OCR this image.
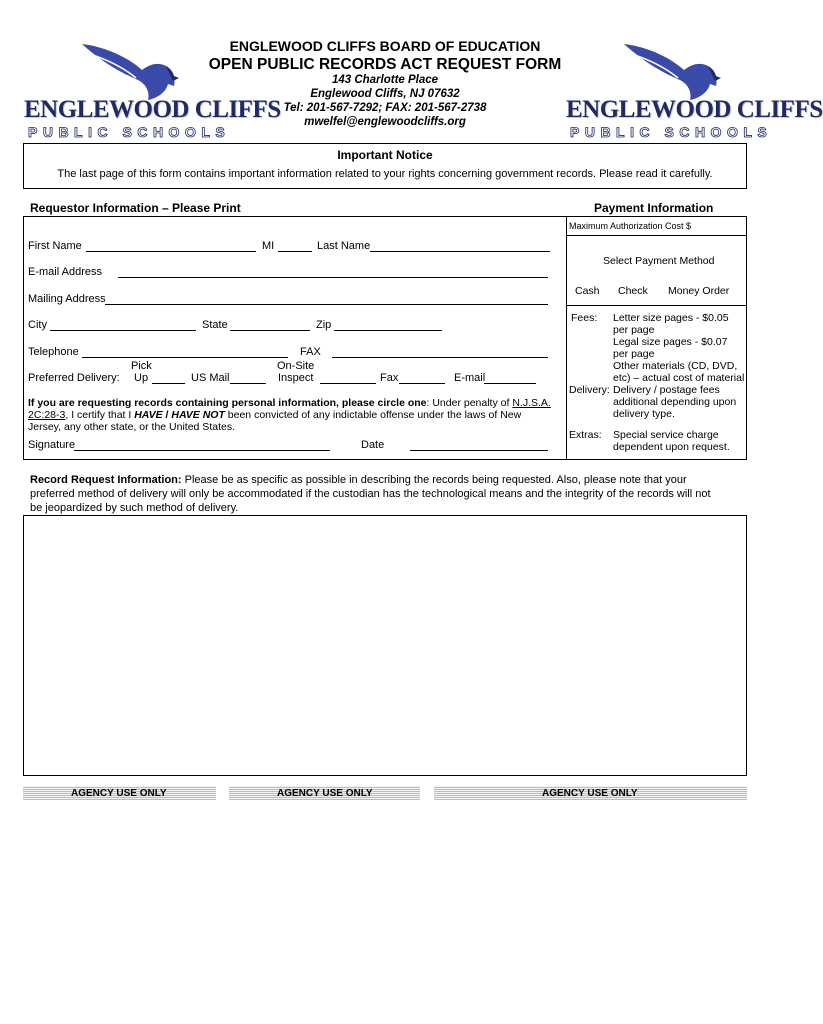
ENGLEWOOD CLIFFS
PUBLIC SCHOOLS
ENGLEWOOD CLIFFS
PUBLIC SCHOOLS
ENGLEWOOD CLIFFS BOARD OF EDUCATION
OPEN PUBLIC RECORDS ACT REQUEST FORM
143 Charlotte Place
Englewood Cliffs, NJ 07632
Tel: 201-567-7292; FAX: 201-567-2738
mwelfel@englewoodcliffs.org
Important Notice
The last page of this form contains important information related to your rights concerning government records. Please read it carefully.
Requestor Information – Please Print	Payment Information
First Name	MI	Last Name
E-mail Address
Mailing Address
City	State	Zip
Telephone	FAX
Preferred Delivery:
Pick
Up	US Mail
On-Site
Inspect	Fax	E-mail
If you are requesting records containing personal information, please circle one: Under penalty of N.J.S.A.
2C:28-3, I certify that I HAVE / HAVE NOT been convicted of any indictable offense under the laws of New
Jersey, any other state, or the United States.
Signature	Date
Maximum Authorization Cost $
Select Payment Method
Cash Check Money Order
Fees: Letter size pages - $0.05
per page
Legal size pages - $0.07
per page
Other materials (CD, DVD,
etc) – actual cost of material
Delivery: Delivery / postage fees
additional depending upon
delivery type.
Extras: Special service charge
dependent upon request.
Record Request Information: Please be as specific as possible in describing the records being requested. Also, please note that your
preferred method of delivery will only be accommodated if the custodian has the technological means and the integrity of the records will not
be jeopardized by such method of delivery.
AGENCY USE ONLY	AGENCY USE ONLY	AGENCY USE ONLY
